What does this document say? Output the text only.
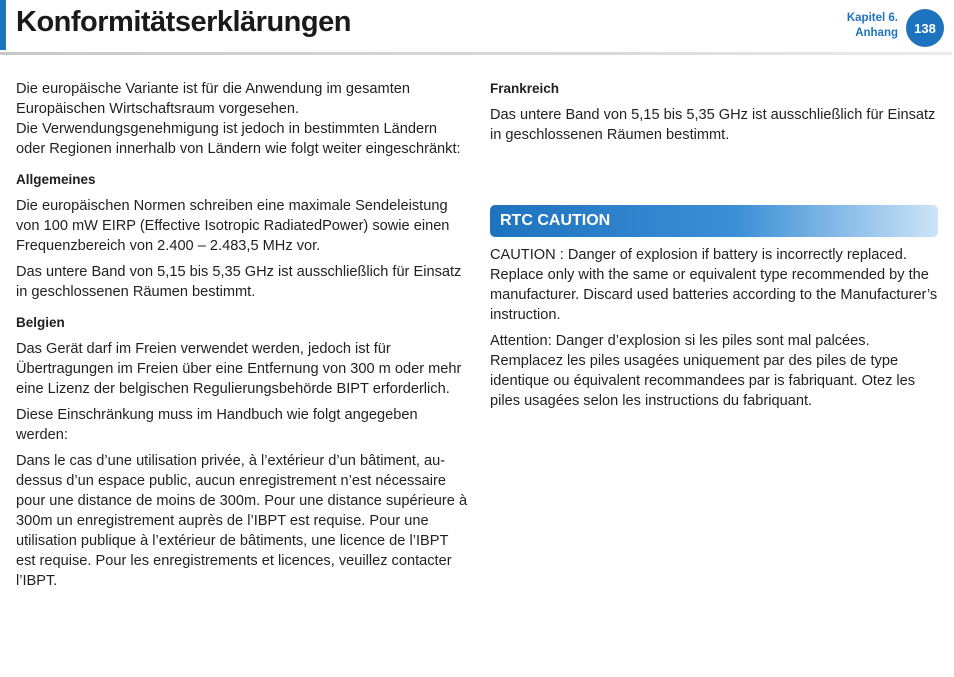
Konformitätserklärungen	Kapitel 6.
Anhang	138
Die europäische Variante ist für die Anwendung im gesamten Europäischen Wirtschaftsraum vorgesehen.

Die Verwendungsgenehmigung ist jedoch in bestimmten Ländern oder Regionen innerhalb von Ländern wie folgt weiter eingeschränkt:

Allgemeines

Die europäischen Normen schreiben eine maximale Sendeleistung von 100 mW EIRP (Effective Isotropic RadiatedPower) sowie einen Frequenzbereich von 2.400 – 2.483,5 MHz vor.

Das untere Band von 5,15 bis 5,35 GHz ist ausschließlich für Einsatz in geschlossenen Räumen bestimmt.

Belgien

Das Gerät darf im Freien verwendet werden, jedoch ist für Übertragungen im Freien über eine Entfernung von 300 m oder mehr eine Lizenz der belgischen Regulierungsbehörde BIPT erforderlich.

Diese Einschränkung muss im Handbuch wie folgt angegeben werden:

Dans le cas d’une utilisation privée, à l’extérieur d’un bâtiment, au-dessus d’un espace public, aucun enregistrement n’est nécessaire pour une distance de moins de 300m. Pour une distance supérieure à 300m un enregistrement auprès de l’IBPT est requise. Pour une utilisation publique à l’extérieur de bâtiments, une licence de l’IBPT est requise. Pour les enregistrements et licences, veuillez contacter l’IBPT.

Frankreich

Das untere Band von 5,15 bis 5,35 GHz ist ausschließlich für Einsatz in geschlossenen Räumen bestimmt.

RTC CAUTION

CAUTION : Danger of explosion if battery is incorrectly replaced. Replace only with the same or equivalent type recommended by the manufacturer. Discard used batteries according to the Manufacturer’s instruction.

Attention: Danger d’explosion si les piles sont mal palcées. Remplacez les piles usagées uniquement par des piles de type identique ou équivalent recommandees par is fabriquant. Otez les piles usagées selon les instructions du fabriquant.
